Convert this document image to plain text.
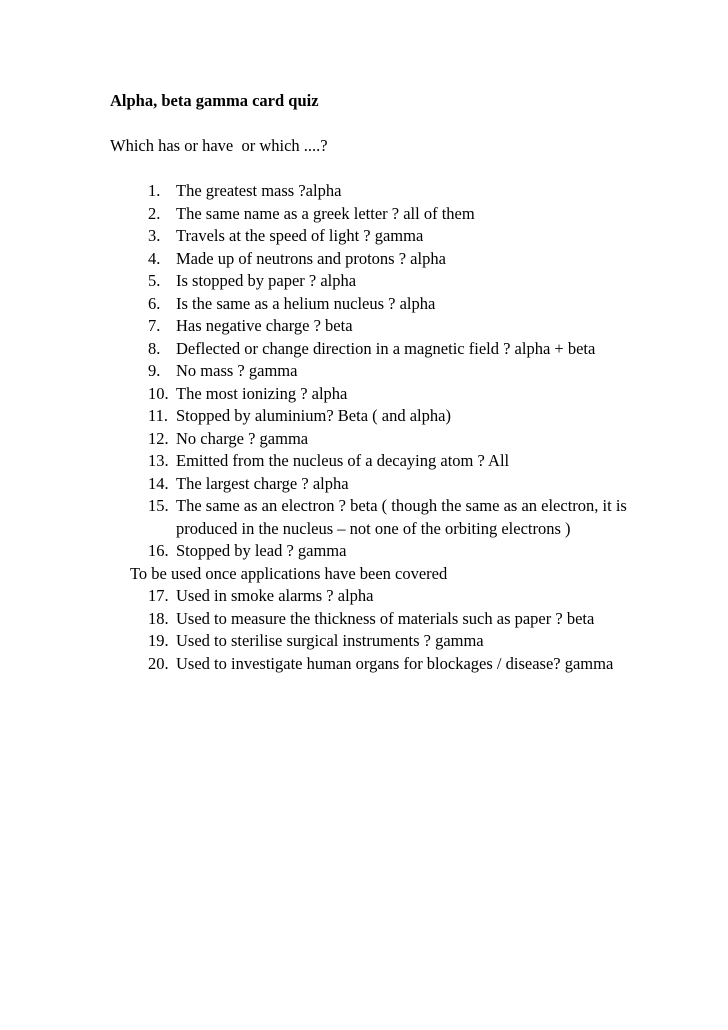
Alpha, beta gamma card quiz
Which has or have  or which ....?
1. The greatest mass ?alpha
2. The same name as a greek letter ? all of them
3. Travels at the speed of light ? gamma
4. Made up of neutrons and protons ? alpha
5. Is stopped by paper ? alpha
6. Is the same as a helium nucleus ? alpha
7. Has negative charge ? beta
8. Deflected or change direction in a magnetic field ? alpha + beta
9. No mass ? gamma
10. The most ionizing ? alpha
11. Stopped by aluminium? Beta ( and alpha)
12. No charge ? gamma
13. Emitted from the nucleus of a decaying atom ? All
14. The largest charge ? alpha
15. The same as an electron ? beta ( though the same as an electron, it is produced in the nucleus – not one of the orbiting electrons )
16. Stopped by lead ? gamma
To be used once applications have been covered
17. Used in smoke alarms ? alpha
18. Used to measure the thickness of materials such as paper ? beta
19. Used to sterilise surgical instruments ? gamma
20. Used to investigate human organs for blockages / disease? gamma
